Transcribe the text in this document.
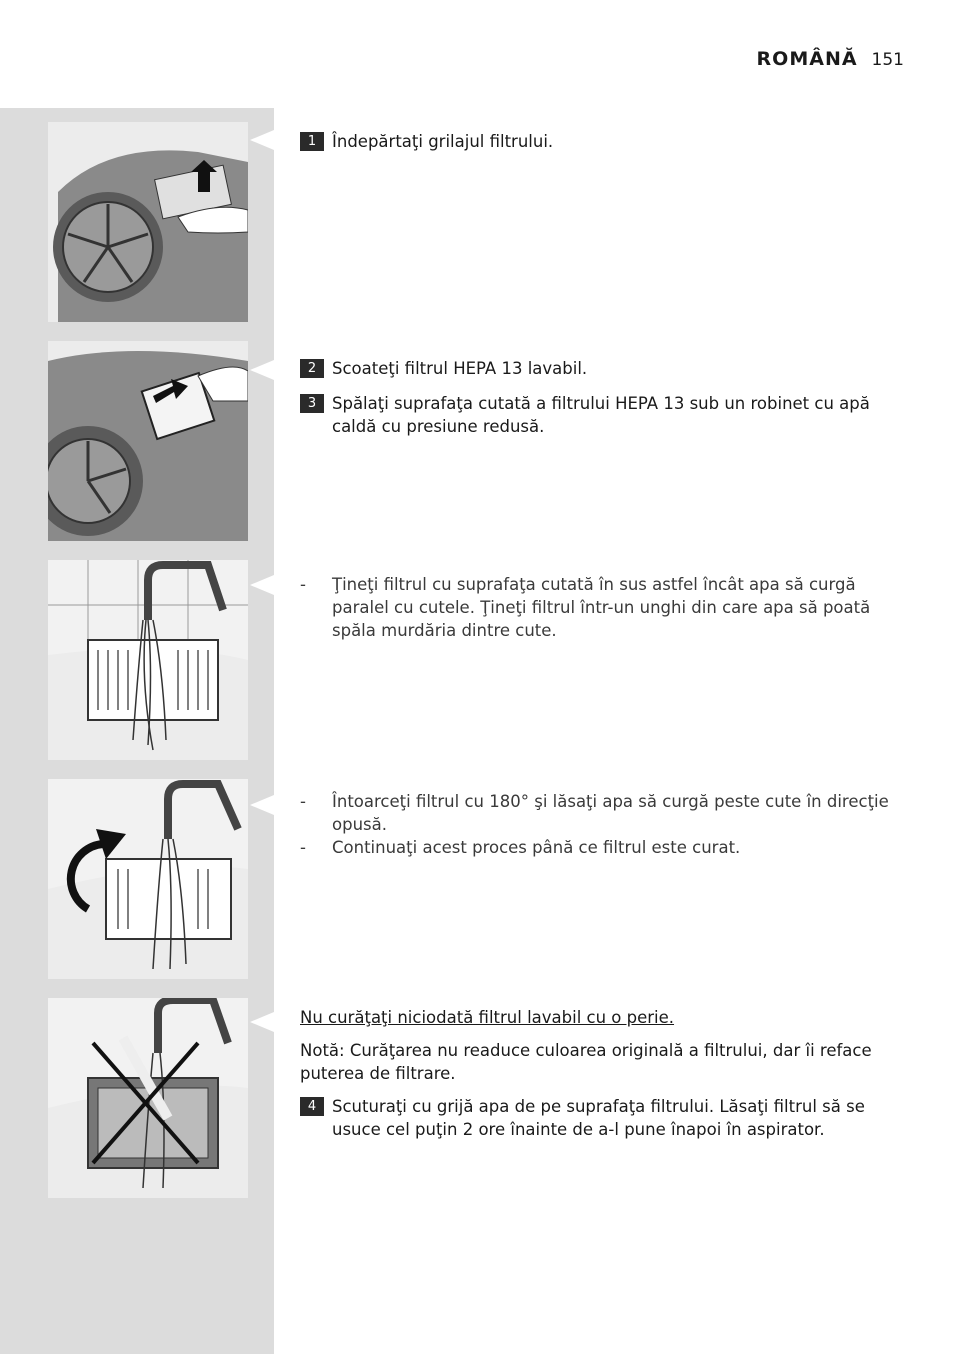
ROMÂNĂ 151

1 Îndepărtaţi grilajul filtrului.

2 Scoateţi filtrul HEPA 13 lavabil.

3 Spălaţi suprafaţa cutată a filtrului HEPA 13 sub un robinet cu apă caldă cu presiune redusă.

- Ţineţi filtrul cu suprafaţa cutată în sus astfel încât apa să curgă paralel cu cutele. Ţineţi filtrul într-un unghi din care apa să poată spăla murdăria dintre cute.

- Întoarceţi filtrul cu 180° şi lăsaţi apa să curgă peste cute în direcţie opusă.

- Continuaţi acest proces până ce filtrul este curat.

Nu curăţaţi niciodată filtrul lavabil cu o perie.

Notă: Curăţarea nu readuce culoarea originală a filtrului, dar îi reface puterea de filtrare.

4 Scuturaţi cu grijă apa de pe suprafaţa filtrului. Lăsaţi filtrul să se usuce cel puţin 2 ore înainte de a-l pune înapoi în aspirator.
